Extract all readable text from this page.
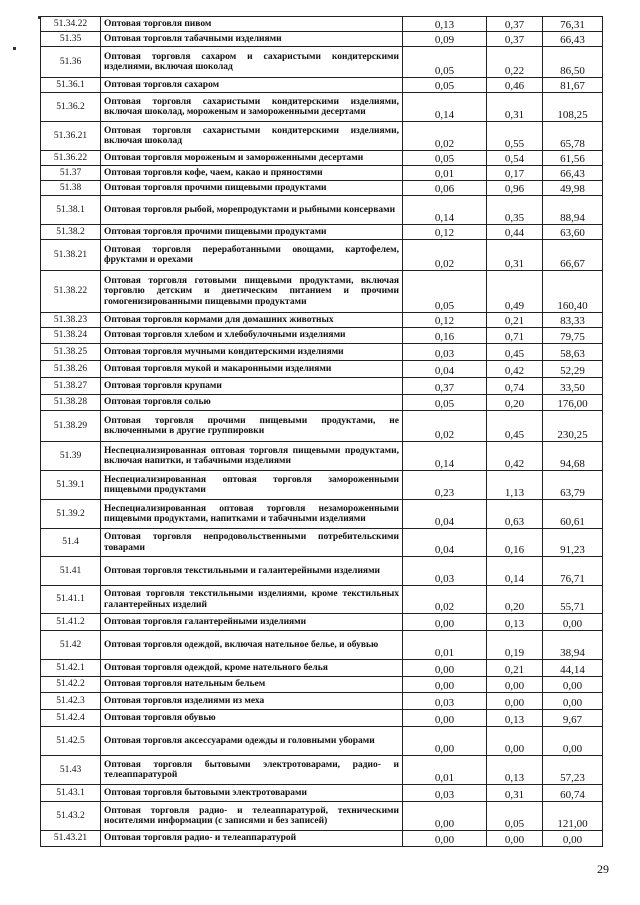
51.34.22	Оптовая торговля пивом	0,13	0,37	76,31
51.35	Оптовая торговля табачными изделиями	0,09	0,37	66,43
51.36	Оптовая торговля сахаром и сахаристыми кондитерскими изделиями, включая шоколад	0,05	0,22	86,50
51.36.1	Оптовая торговля сахаром	0,05	0,46	81,67
51.36.2	Оптовая торговля сахаристыми кондитерскими изделиями, включая шоколад, мороженым и замороженными десертами	0,14	0,31	108,25
51.36.21	Оптовая торговля сахаристыми кондитерскими изделиями, включая шоколад	0,02	0,55	65,78
51.36.22	Оптовая торговля мороженым и замороженными десертами	0,05	0,54	61,56
51.37	Оптовая торговля кофе, чаем, какао и пряностями	0,01	0,17	66,43
51.38	Оптовая торговля прочими пищевыми продуктами	0,06	0,96	49,98
51.38.1	Оптовая торговля рыбой, морепродуктами и рыбными консервами	0,14	0,35	88,94
51.38.2	Оптовая торговля прочими пищевыми продуктами	0,12	0,44	63,60
51.38.21	Оптовая торговля переработанными овощами, картофелем, фруктами и орехами	0,02	0,31	66,67
51.38.22	Оптовая торговля готовыми пищевыми продуктами, включая торговлю детским и диетическим питанием и прочими гомогенизированными пищевыми продуктами	0,05	0,49	160,40
51.38.23	Оптовая торговля кормами для домашних животных	0,12	0,21	83,33
51.38.24	Оптовая торговля хлебом и хлебобулочными изделиями	0,16	0,71	79,75
51.38.25	Оптовая торговля мучными кондитерскими изделиями	0,03	0,45	58,63
51.38.26	Оптовая торговля мукой и макаронными изделиями	0,04	0,42	52,29
51.38.27	Оптовая торговля крупами	0,37	0,74	33,50
51.38.28	Оптовая торговля солью	0,05	0,20	176,00
51.38.29	Оптовая торговля прочими пищевыми продуктами, не включенными в другие группировки	0,02	0,45	230,25
51.39	Неспециализированная оптовая торговля пищевыми продуктами, включая напитки, и табачными изделиями	0,14	0,42	94,68
51.39.1	Неспециализированная оптовая торговля замороженными пищевыми продуктами	0,23	1,13	63,79
51.39.2	Неспециализированная оптовая торговля незамороженными пищевыми продуктами, напитками и табачными изделиями	0,04	0,63	60,61
51.4	Оптовая торговля непродовольственными потребительскими товарами	0,04	0,16	91,23
51.41	Оптовая торговля текстильными и галантерейными изделиями	0,03	0,14	76,71
51.41.1	Оптовая торговля текстильными изделиями, кроме текстильных галантерейных изделий	0,02	0,20	55,71
51.41.2	Оптовая торговля галантерейными изделиями	0,00	0,13	0,00
51.42	Оптовая торговля одеждой, включая нательное белье, и обувью	0,01	0,19	38,94
51.42.1	Оптовая торговля одеждой, кроме нательного белья	0,00	0,21	44,14
51.42.2	Оптовая торговля нательным бельем	0,00	0,00	0,00
51.42.3	Оптовая торговля изделиями из меха	0,03	0,00	0,00
51.42.4	Оптовая торговля обувью	0,00	0,13	9,67
51.42.5	Оптовая торговля аксессуарами одежды и головными уборами	0,00	0,00	0,00
51.43	Оптовая торговля бытовыми электротоварами, радио- и телеаппаратурой	0,01	0,13	57,23
51.43.1	Оптовая торговля бытовыми электротоварами	0,03	0,31	60,74
51.43.2	Оптовая торговля радио- и телеаппаратурой, техническими носителями информации (с записями и без записей)	0,00	0,05	121,00
51.43.21	Оптовая торговля радио- и телеаппаратурой	0,00	0,00	0,00
29
